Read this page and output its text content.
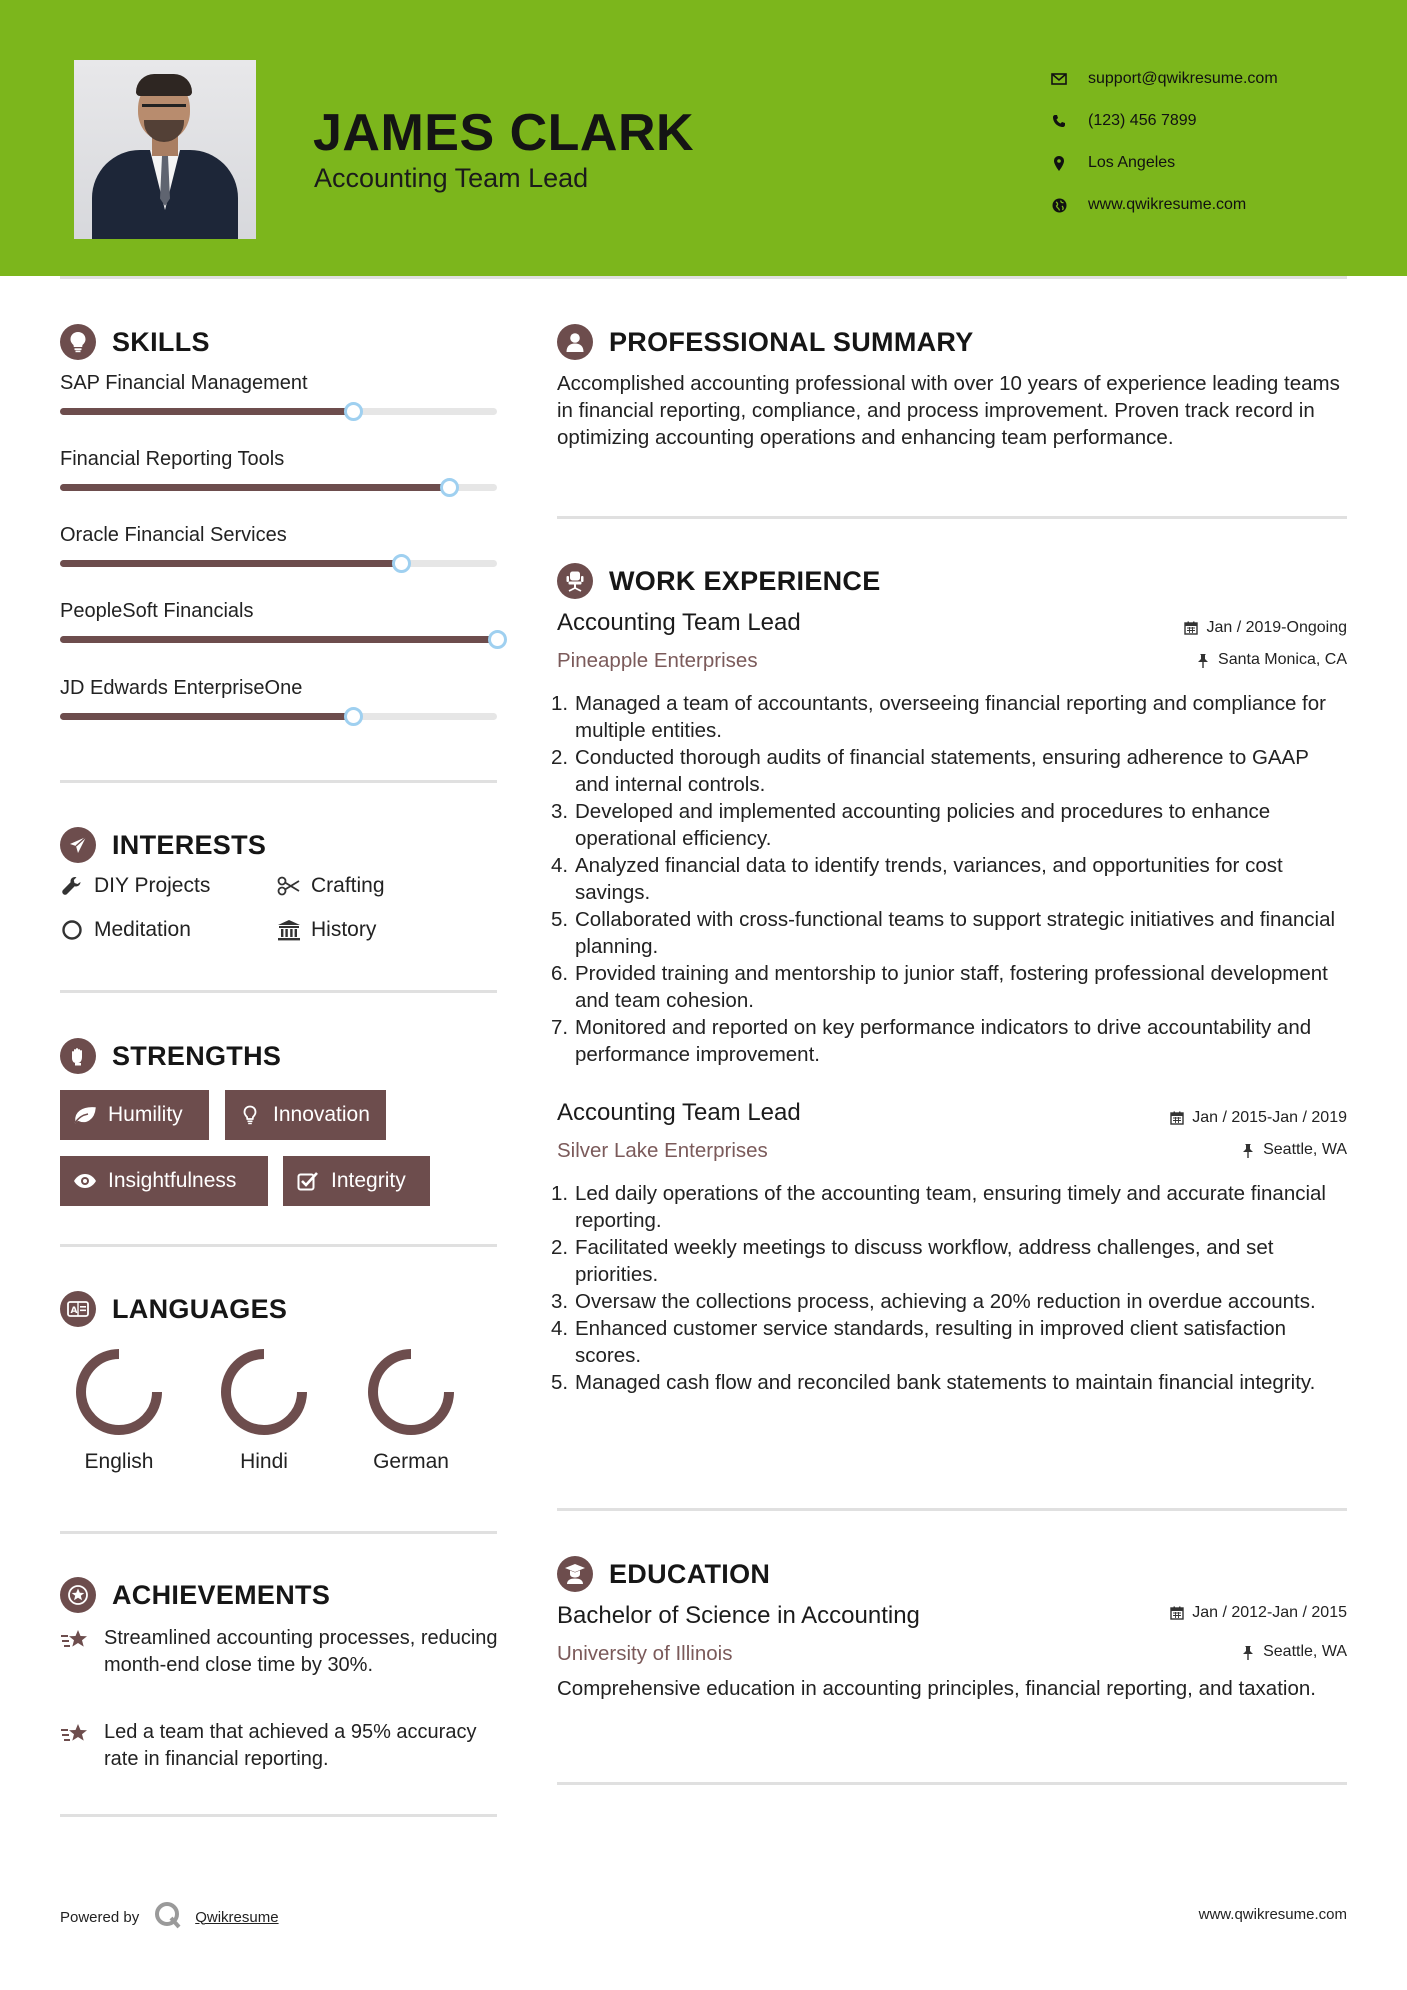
JAMES CLARK
Accounting Team Lead
support@qwikresume.com
(123) 456 7899
Los Angeles
www.qwikresume.com
SKILLS
SAP Financial Management
Financial Reporting Tools
Oracle Financial Services
PeopleSoft Financials
JD Edwards EnterpriseOne
INTERESTS
DIY Projects	Crafting
Meditation	History
STRENGTHS
Humility	Innovation
Insightfulness	Integrity
A LANGUAGES
English	Hindi	German
ACHIEVEMENTS
Streamlined accounting processes, reducing month-end close time by 30%.
Led a team that achieved a 95% accuracy rate in financial reporting.
PROFESSIONAL SUMMARY
Accomplished accounting professional with over 10 years of experience leading teams in financial reporting, compliance, and process improvement. Proven track record in optimizing accounting operations and enhancing team performance.
WORK EXPERIENCE
Accounting Team Lead
Pineapple Enterprises
Jan / 2019-Ongoing
Santa Monica, CA
1. Managed a team of accountants, overseeing financial reporting and compliance for multiple entities.
2. Conducted thorough audits of financial statements, ensuring adherence to GAAP and internal controls.
3. Developed and implemented accounting policies and procedures to enhance operational efficiency.
4. Analyzed financial data to identify trends, variances, and opportunities for cost savings.
5. Collaborated with cross-functional teams to support strategic initiatives and financial planning.
6. Provided training and mentorship to junior staff, fostering professional development and team cohesion.
7. Monitored and reported on key performance indicators to drive accountability and performance improvement.
Accounting Team Lead
Silver Lake Enterprises
Jan / 2015-Jan / 2019
Seattle, WA
1. Led daily operations of the accounting team, ensuring timely and accurate financial reporting.
2. Facilitated weekly meetings to discuss workflow, address challenges, and set priorities.
3. Oversaw the collections process, achieving a 20% reduction in overdue accounts.
4. Enhanced customer service standards, resulting in improved client satisfaction scores.
5. Managed cash flow and reconciled bank statements to maintain financial integrity.
EDUCATION
Bachelor of Science in Accounting
University of Illinois
Jan / 2012-Jan / 2015
Seattle, WA
Comprehensive education in accounting principles, financial reporting, and taxation.
Powered by	Qwikresume	www.qwikresume.com
